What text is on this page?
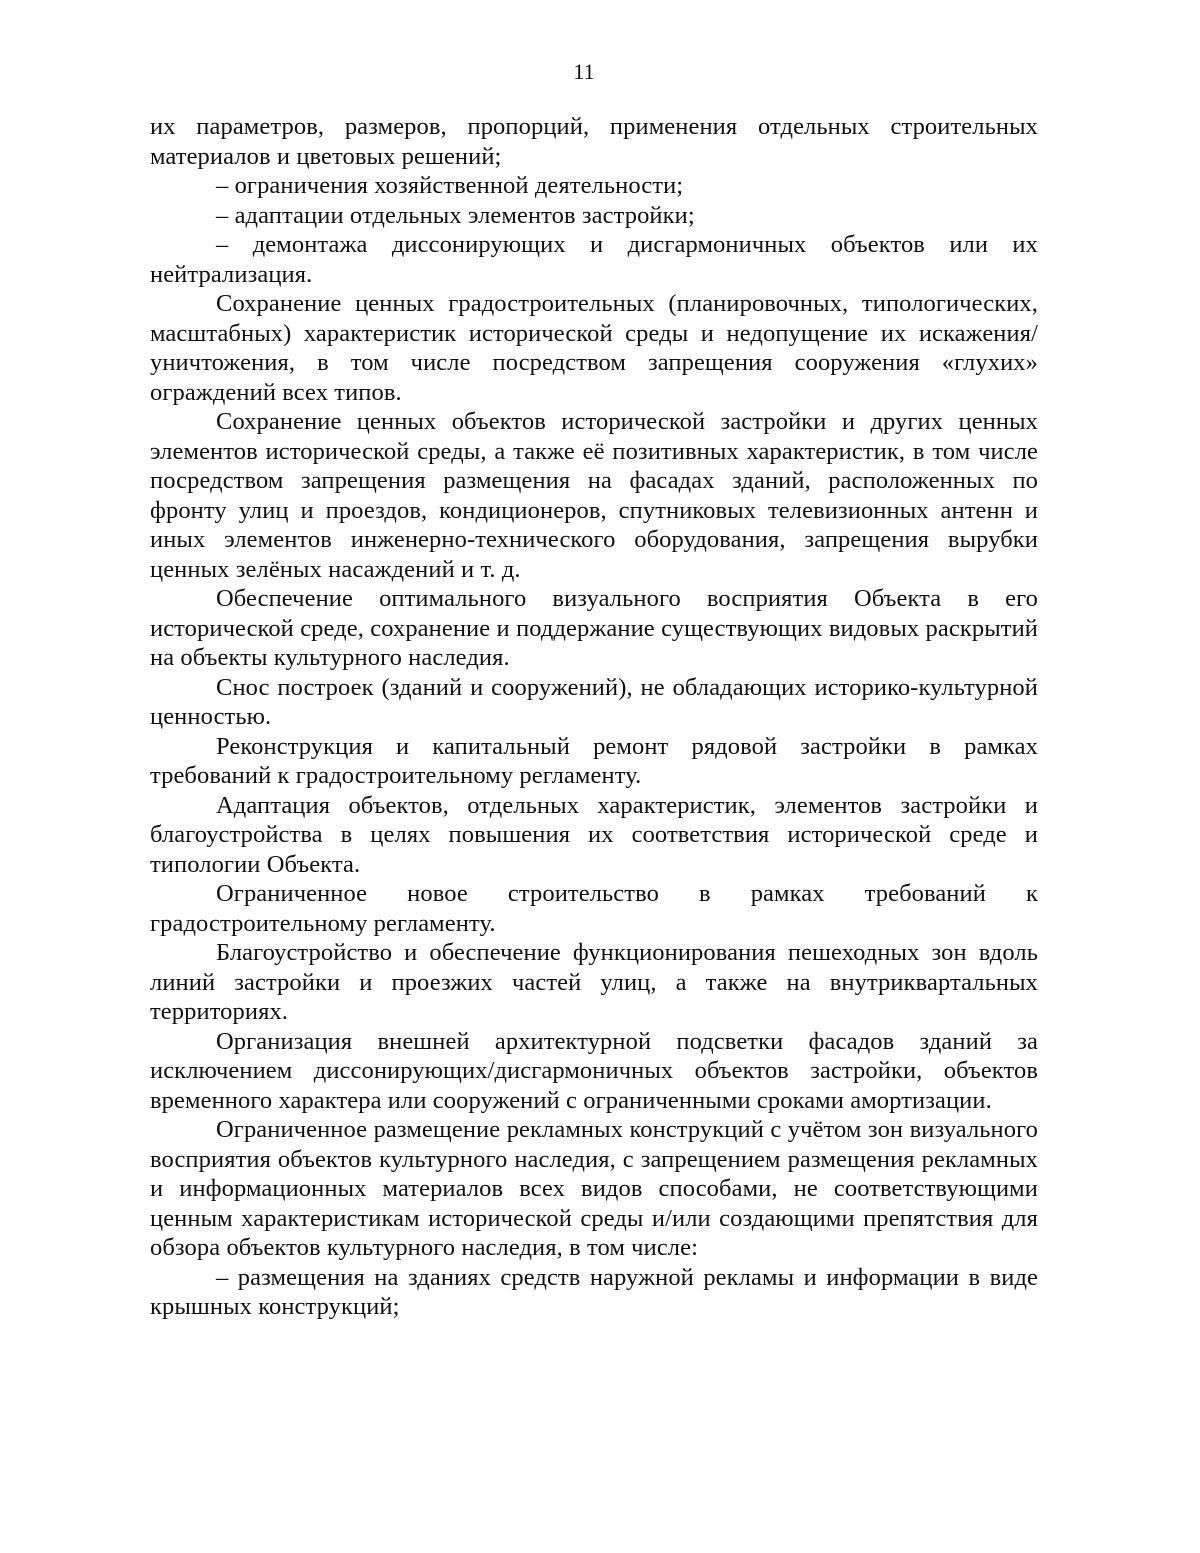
11

их параметров, размеров, пропорций, применения отдельных строительных материалов и цветовых решений;

– ограничения хозяйственной деятельности;

– адаптации отдельных элементов застройки;

– демонтажа диссонирующих и дисгармоничных объектов или их нейтрализация.

Сохранение ценных градостроительных (планировочных, типологических, масштабных) характеристик исторической среды и недопущение их искажения/уничтожения, в том числе посредством запрещения сооружения «глухих» ограждений всех типов.

Сохранение ценных объектов исторической застройки и других ценных элементов исторической среды, а также её позитивных характеристик, в том числе посредством запрещения размещения на фасадах зданий, расположенных по фронту улиц и проездов, кондиционеров, спутниковых телевизионных антенн и иных элементов инженерно-технического оборудования, запрещения вырубки ценных зелёных насаждений и т. д.

Обеспечение оптимального визуального восприятия Объекта в его исторической среде, сохранение и поддержание существующих видовых раскрытий на объекты культурного наследия.

Снос построек (зданий и сооружений), не обладающих историко-культурной ценностью.

Реконструкция и капитальный ремонт рядовой застройки в рамках требований к градостроительному регламенту.

Адаптация объектов, отдельных характеристик, элементов застройки и благоустройства в целях повышения их соответствия исторической среде и типологии Объекта.

Ограниченное новое строительство в рамках требований к градостроительному регламенту.

Благоустройство и обеспечение функционирования пешеходных зон вдоль линий застройки и проезжих частей улиц, а также на внутриквартальных территориях.

Организация внешней архитектурной подсветки фасадов зданий за исключением диссонирующих/дисгармоничных объектов застройки, объектов временного характера или сооружений с ограниченными сроками амортизации.

Ограниченное размещение рекламных конструкций с учётом зон визуального восприятия объектов культурного наследия, с запрещением размещения рекламных и информационных материалов всех видов способами, не соответствующими ценным характеристикам исторической среды и/или создающими препятствия для обзора объектов культурного наследия, в том числе:

– размещения на зданиях средств наружной рекламы и информации в виде крышных конструкций;
